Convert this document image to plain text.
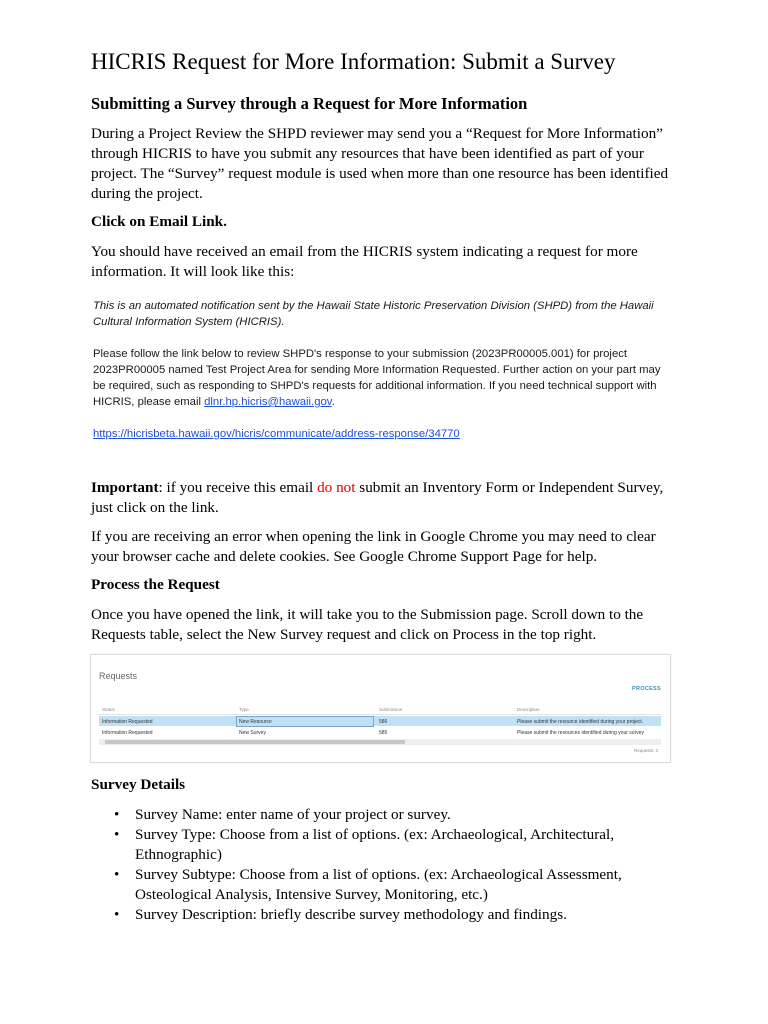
HICRIS Request for More Information: Submit a Survey
Submitting a Survey through a Request for More Information

During a Project Review the SHPD reviewer may send you a “Request for More Information” through HICRIS to have you submit any resources that have been identified as part of your project. The “Survey” request module is used when more than one resource has been identified during the project.

Click on Email Link.

You should have received an email from the HICRIS system indicating a request for more information. It will look like this:

Important: if you receive this email do not submit an Inventory Form or Independent Survey, just click on the link.

If you are receiving an error when opening the link in Google Chrome you may need to clear your browser cache and delete cookies. See Google Chrome Support Page for help.

Process the Request

Once you have opened the link, it will take you to the Submission page. Scroll down to the Requests table, select the New Survey request and click on Process in the top right.

Survey Details

• Survey Name: enter name of your project or survey.
• Survey Type: Choose from a list of options. (ex: Archaeological, Architectural, Ethnographic)
• Survey Subtype: Choose from a list of options. (ex: Archaeological Assessment, Osteological Analysis, Intensive Survey, Monitoring, etc.)
• Survey Description: briefly describe survey methodology and findings.
This is an automated notification sent by the Hawaii State Historic Preservation Division (SHPD) from the Hawaii Cultural Information System (HICRIS).
Please follow the link below to review SHPD's response to your submission (2023PR00005.001) for project 2023PR00005 named Test Project Area for sending More Information Requested. Further action on your part may be required, such as responding to SHPD's requests for additional information. If you need technical support with HICRIS, please email dlnr.hp.hicris@hawaii.gov.
https://hicrisbeta.hawaii.gov/hicris/communicate/address-response/34770
Requests
PROCESS
Status	Type	Submission	Description
Information Requested	New Resource	586	Please submit the resource identified during your project.
Information Requested	New Survey	585	Please submit the resources identified during your survey
Requests: 2
